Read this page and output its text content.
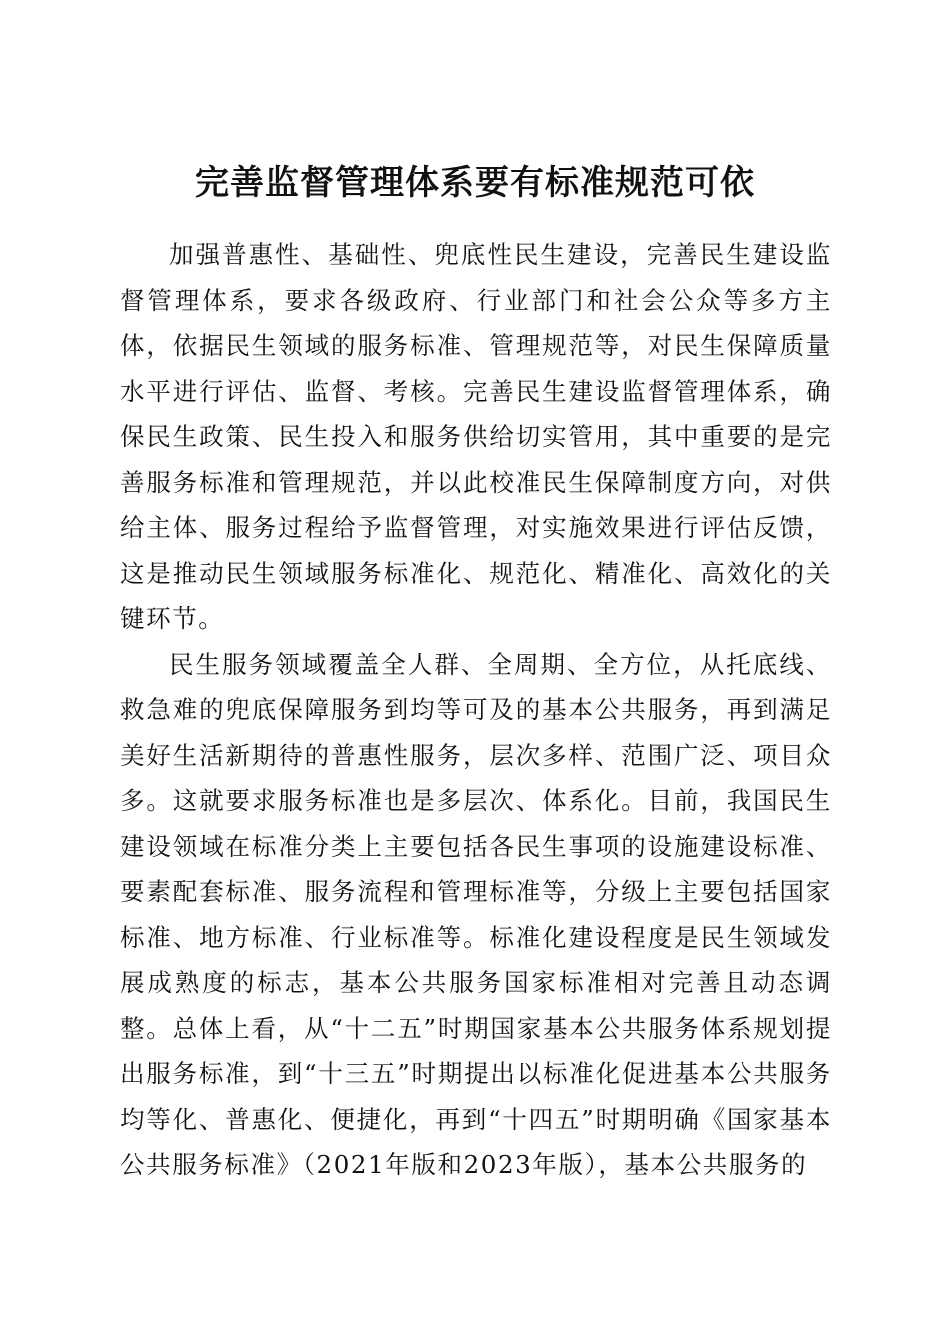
完善监督管理体系要有标准规范可依

加强普惠性、基础性、兜底性民生建设，完善民生建设监督管理体系，要求各级政府、行业部门和社会公众等多方主体，依据民生领域的服务标准、管理规范等，对民生保障质量水平进行评估、监督、考核。完善民生建设监督管理体系，确保民生政策、民生投入和服务供给切实管用，其中重要的是完善服务标准和管理规范，并以此校准民生保障制度方向，对供给主体、服务过程给予监督管理，对实施效果进行评估反馈，这是推动民生领域服务标准化、规范化、精准化、高效化的关键环节。

民生服务领域覆盖全人群、全周期、全方位，从托底线、救急难的兜底保障服务到均等可及的基本公共服务，再到满足美好生活新期待的普惠性服务，层次多样、范围广泛、项目众多。这就要求服务标准也是多层次、体系化。目前，我国民生建设领域在标准分类上主要包括各民生事项的设施建设标准、要素配套标准、服务流程和管理标准等，分级上主要包括国家标准、地方标准、行业标准等。标准化建设程度是民生领域发展成熟度的标志，基本公共服务国家标准相对完善且动态调整。总体上看，从“十二五”时期国家基本公共服务体系规划提出服务标准，到“十三五”时期提出以标准化促进基本公共服务均等化、普惠化、便捷化，再到“十四五”时期明确《国家基本公共服务标准》（2021年版和2023年版），基本公共服务的
